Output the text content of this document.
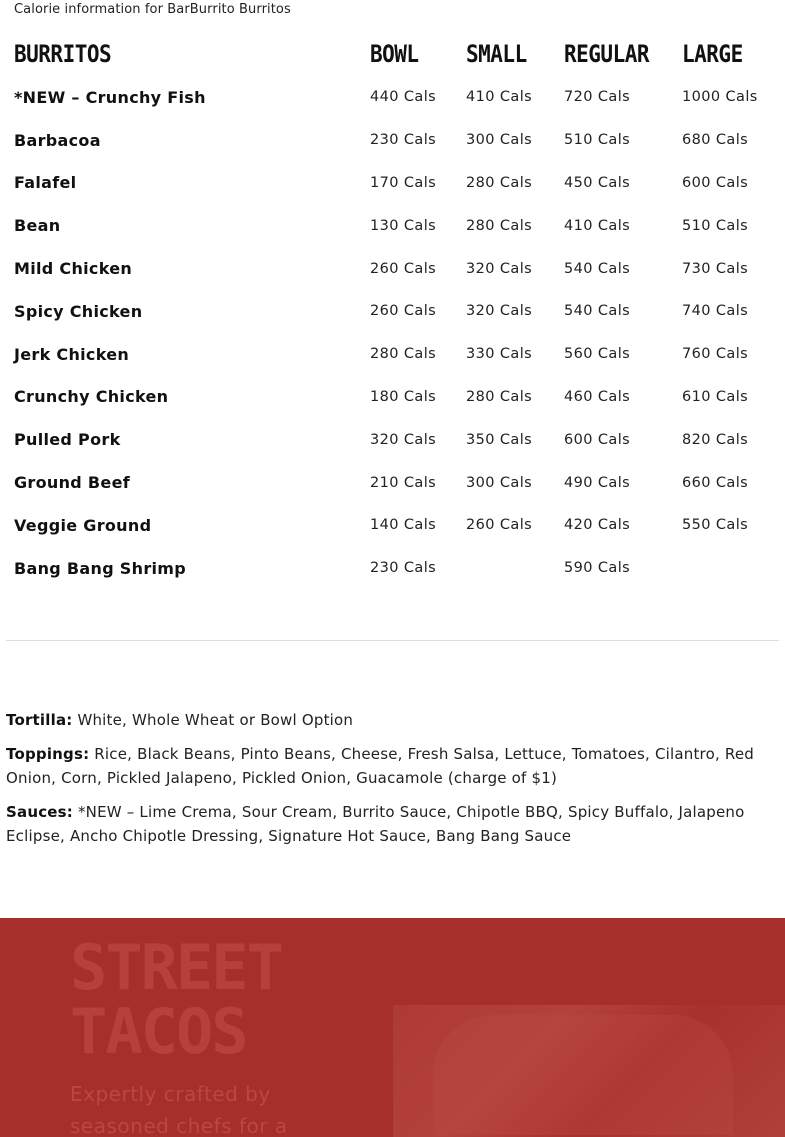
Calorie information for BarBurrito Burritos
BURRITOS	BOWL	SMALL	REGULAR	LARGE
*NEW – Crunchy Fish	440 Cals	410 Cals	720 Cals	1000 Cals
Barbacoa	230 Cals	300 Cals	510 Cals	680 Cals
Falafel	170 Cals	280 Cals	450 Cals	600 Cals
Bean	130 Cals	280 Cals	410 Cals	510 Cals
Mild Chicken	260 Cals	320 Cals	540 Cals	730 Cals
Spicy Chicken	260 Cals	320 Cals	540 Cals	740 Cals
Jerk Chicken	280 Cals	330 Cals	560 Cals	760 Cals
Crunchy Chicken	180 Cals	280 Cals	460 Cals	610 Cals
Pulled Pork	320 Cals	350 Cals	600 Cals	820 Cals
Ground Beef	210 Cals	300 Cals	490 Cals	660 Cals
Veggie Ground	140 Cals	260 Cals	420 Cals	550 Cals
Bang Bang Shrimp	230 Cals		590 Cals	

Tortilla: White, Whole Wheat or Bowl Option

Toppings: Rice, Black Beans, Pinto Beans, Cheese, Fresh Salsa, Lettuce, Tomatoes, Cilantro, Red Onion, Corn, Pickled Jalapeno, Pickled Onion, Guacamole (charge of $1)

Sauces: *NEW – Lime Crema, Sour Cream, Burrito Sauce, Chipotle BBQ, Spicy Buffalo, Jalapeno Eclipse, Ancho Chipotle Dressing, Signature Hot Sauce, Bang Bang Sauce

STREET
TACOS
Expertly crafted by seasoned chefs for a
